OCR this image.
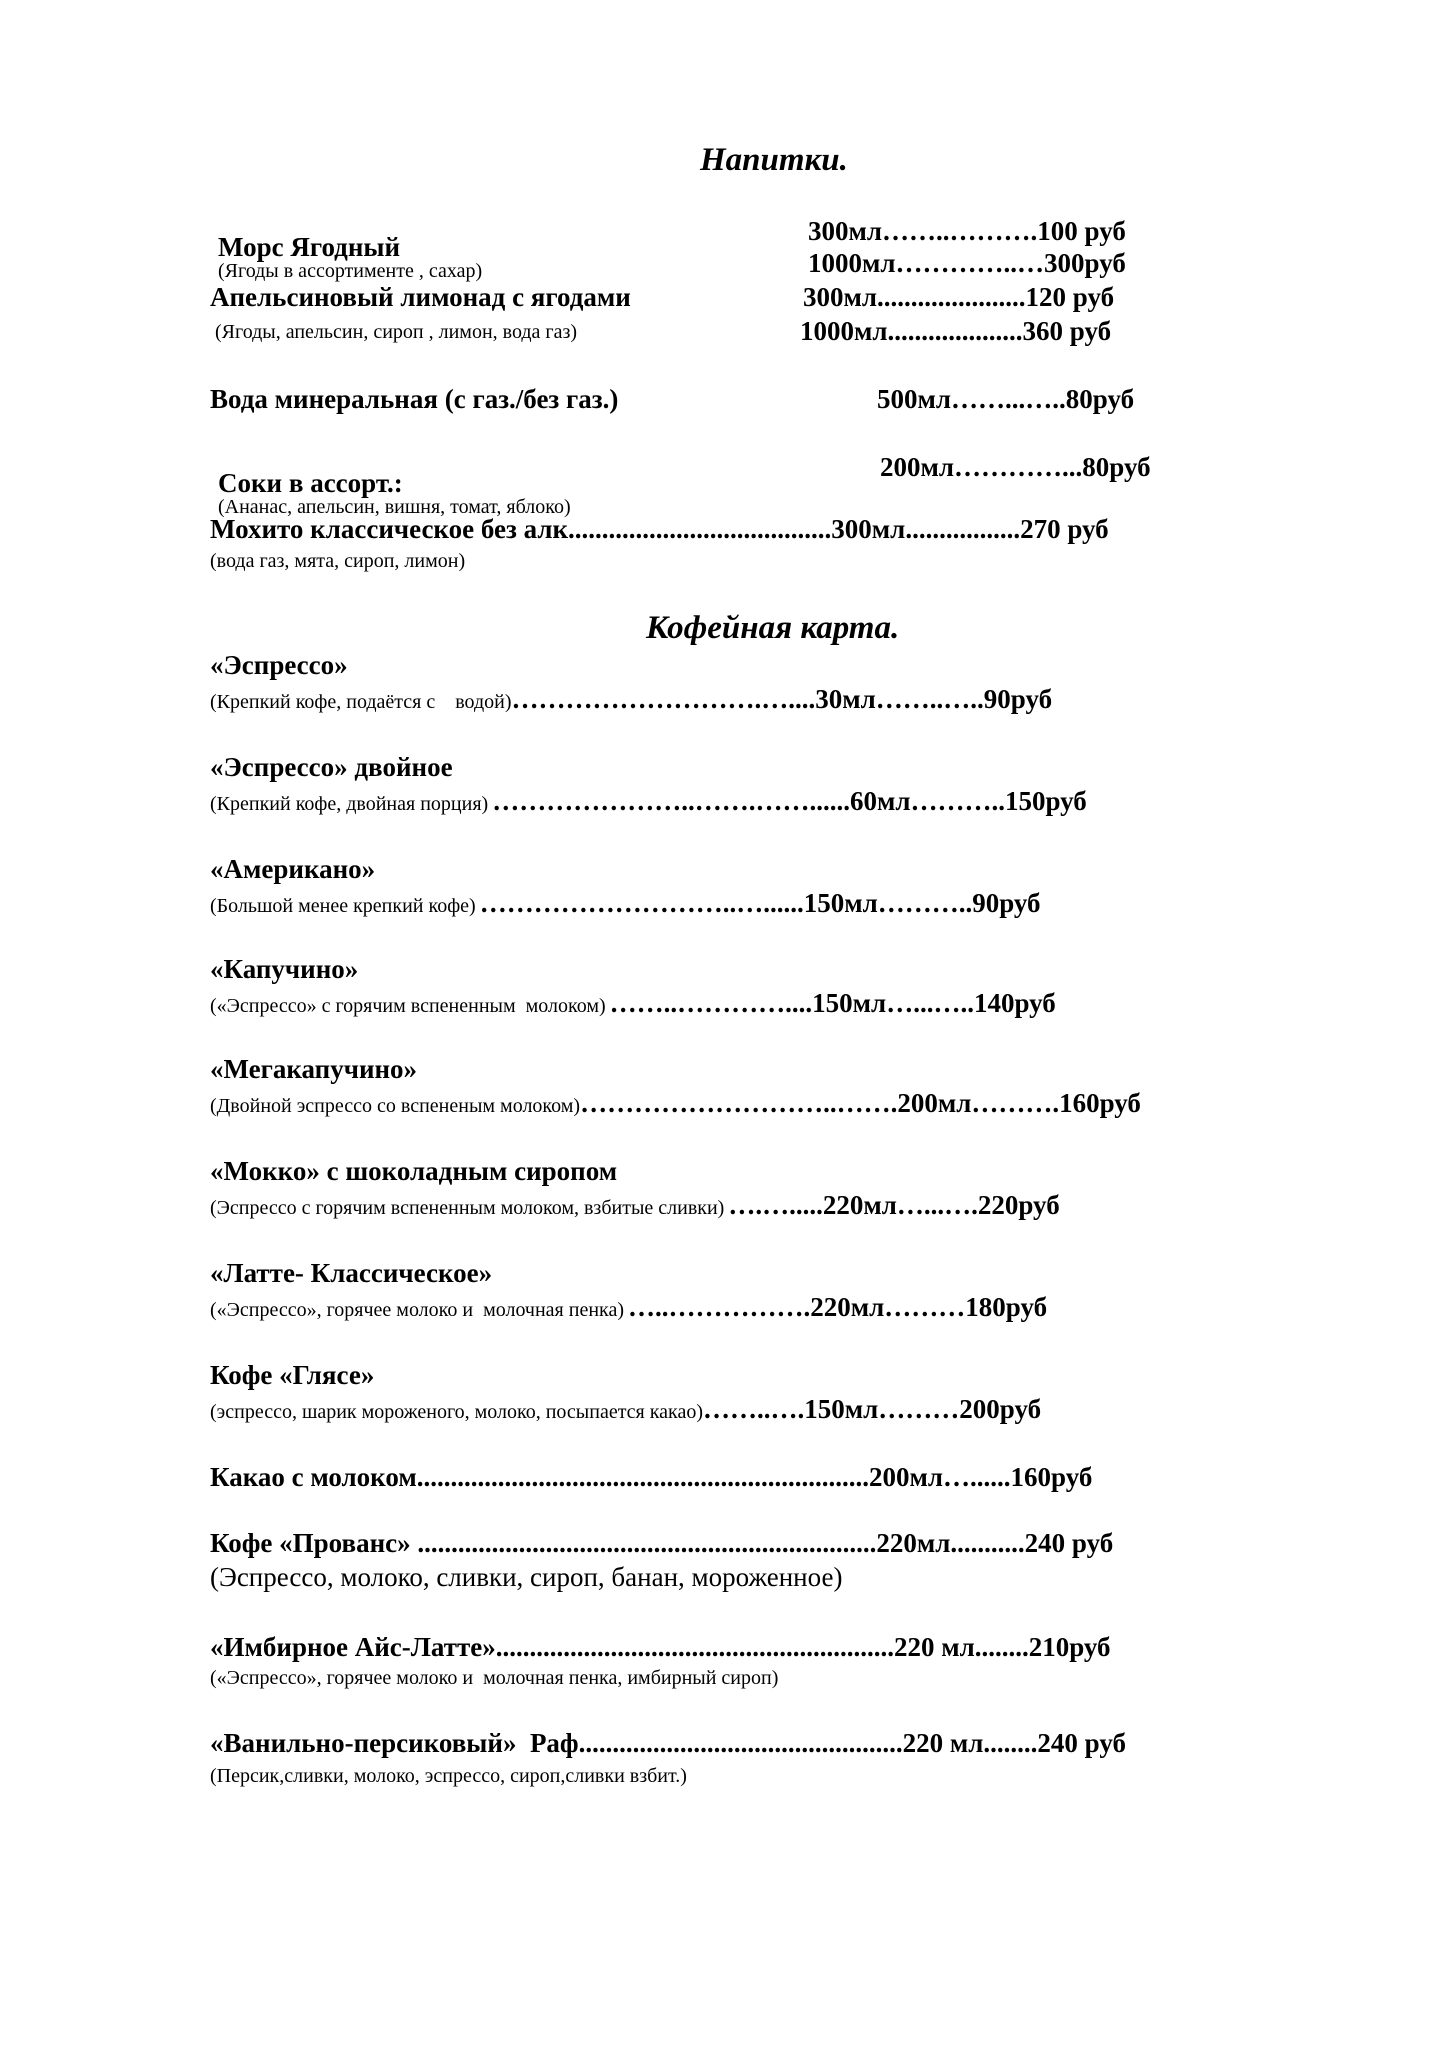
Напитки.

Морс Ягодный
(Ягоды в ассортименте , сахар)

300мл……..……….100 руб
1000мл…………..…300руб
Апельсиновый лимонад с ягодами
(Ягоды, апельсин, сироп , лимон, вода газ)
300мл......................120 руб
1000мл....................360 руб
Вода минеральная (с газ./без газ.)	500мл……...…..80руб

Соки в ассорт.:
(Ананас, апельсин, вишня, томат, яблоко)

200мл…………...80руб
Мохито классическое без алк.......................................300мл.................270 руб
(вода газ, мята, сироп, лимон)
Кофейная карта.
«Эспрессо»
(Крепкий кофе, подаётся с    водой)……………………….…....30мл……..…..90руб
«Эспрессо» двойное
(Крепкий кофе, двойная порция) …………………..…….……......60мл………..150руб
«Американо»
(Большой менее крепкий кофе) ………………………..…......150мл………..90руб
«Капучино»
(«Эспрессо» с горячим вспененным  молоком) ……..…………....150мл…...…..140руб
«Мегакапучино»
(Двойной эспрессо со вспененым молоком)………………………..…….200мл……….160руб
«Мокко» с шоколадным сиропом
(Эспрессо с горячим вспененным молоком, взбитые сливки) ….….....220мл…...….220руб
«Латте- Классическое»
(«Эспрессо», горячее молоко и  молочная пенка) …..…………….220мл………180руб
Кофе «Глясе»
(эспрессо, шарик мороженого, молоко, посыпается какао)……..….150мл………200руб
Какао с молоком...................................................................200мл…......160руб
Кофе «Прованс» ....................................................................220мл...........240 руб
(Эспрессо, молоко, сливки, сироп, банан, мороженное)
«Имбирное Айс-Латте»...........................................................220 мл........210руб
(«Эспрессо», горячее молоко и  молочная пенка, имбирный сироп)
«Ванильно-персиковый»  Раф................................................220 мл........240 руб
(Персик,сливки, молоко, эспрессо, сироп,сливки взбит.)
